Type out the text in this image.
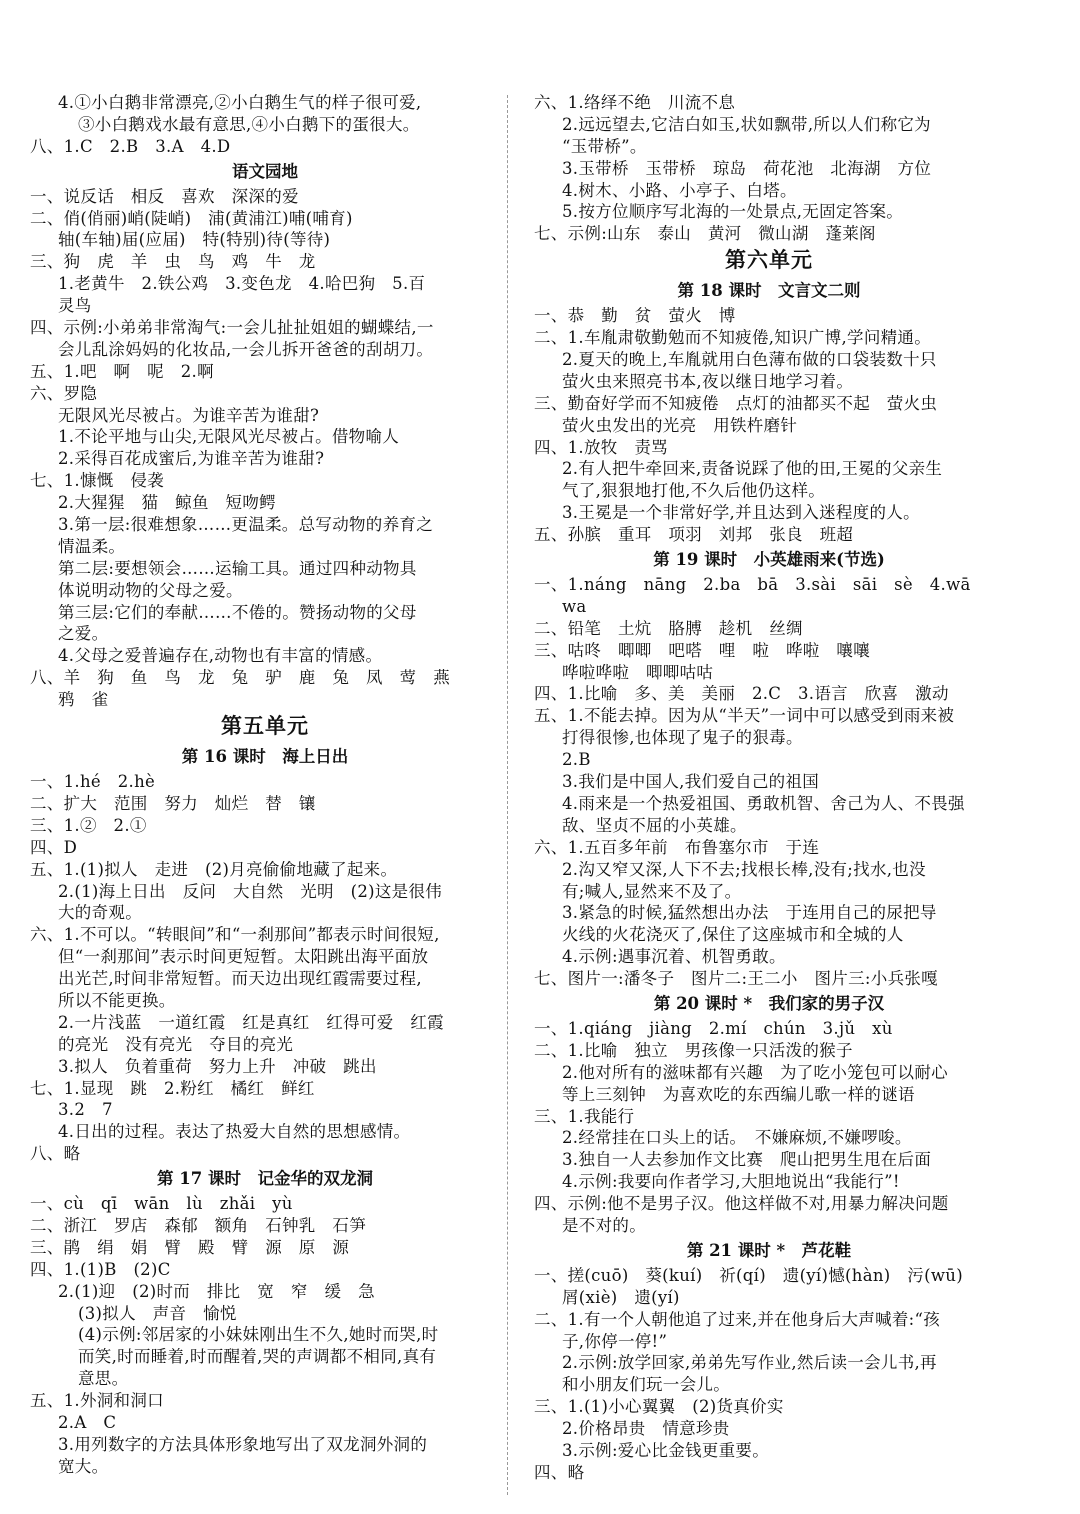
4.①小白鹅非常漂亮,②小白鹅生气的样子很可爱,
③小白鹅戏水最有意思,④小白鹅下的蛋很大。
八、1.C　2.B　3.A　4.D
语文园地
一、说反话　相反　喜欢　深深的爱
二、俏(俏丽)峭(陡峭)　浦(黄浦江)哺(哺育)
轴(车轴)届(应届)　特(特别)待(等待)
三、狗　虎　羊　虫　鸟　鸡　牛　龙
1.老黄牛　2.铁公鸡　3.变色龙　4.哈巴狗　5.百
灵鸟
四、示例:小弟弟非常淘气:一会儿扯扯姐姐的蝴蝶结,一
会儿乱涂妈妈的化妆品,一会儿拆开爸爸的刮胡刀。
五、1.吧　啊　呢　2.啊
六、罗隐
无限风光尽被占。为谁辛苦为谁甜?
1.不论平地与山尖,无限风光尽被占。借物喻人
2.采得百花成蜜后,为谁辛苦为谁甜?
七、1.慷慨　侵袭
2.大猩猩　猫　鲸鱼　短吻鳄
3.第一层:很难想象……更温柔。总写动物的养育之
情温柔。
第二层:要想领会……运输工具。通过四种动物具
体说明动物的父母之爱。
第三层:它们的奉献……不倦的。赞扬动物的父母
之爱。
4.父母之爱普遍存在,动物也有丰富的情感。
八、羊　狗　鱼　鸟　龙　兔　驴　鹿　兔　凤　莺　燕
鸦　雀
第五单元
第 16 课时　海上日出
一、1.hé　2.hè
二、扩大　范围　努力　灿烂　替　镶
三、1.②　2.①
四、D
五、1.(1)拟人　走进　(2)月亮偷偷地藏了起来。
2.(1)海上日出　反问　大自然　光明　(2)这是很伟
大的奇观。
六、1.不可以。“转眼间”和“一刹那间”都表示时间很短,
但“一刹那间”表示时间更短暂。太阳跳出海平面放
出光芒,时间非常短暂。而天边出现红霞需要过程,
所以不能更换。
2.一片浅蓝　一道红霞　红是真红　红得可爱　红霞
的亮光　没有亮光　夺目的亮光
3.拟人　负着重荷　努力上升　冲破　跳出
七、1.显现　跳　2.粉红　橘红　鲜红
3.2　7
4.日出的过程。表达了热爱大自然的思想感情。
八、略
第 17 课时　记金华的双龙洞
一、cù　qī　wān　lù　zhǎi　yù
二、浙江　罗店　森郁　额角　石钟乳　石笋
三、鹃　绢　娟　臂　殿　臂　源　原　源
四、1.(1)B　(2)C
2.(1)迎　(2)时而　排比　宽　窄　缓　急
(3)拟人　声音　愉悦
(4)示例:邻居家的小妹妹刚出生不久,她时而哭,时
而笑,时而睡着,时而醒着,哭的声调都不相同,真有
意思。
五、1.外洞和洞口
2.A　C
3.用列数字的方法具体形象地写出了双龙洞外洞的
宽大。
六、1.络绎不绝　川流不息
2.远远望去,它洁白如玉,状如飘带,所以人们称它为
“玉带桥”。
3.玉带桥　玉带桥　琼岛　荷花池　北海湖　方位
4.树木、小路、小亭子、白塔。
5.按方位顺序写北海的一处景点,无固定答案。
七、示例:山东　泰山　黄河　微山湖　蓬莱阁
第六单元
第 18 课时　文言文二则
一、恭　勤　贫　萤火　博
二、1.车胤肃敬勤勉而不知疲倦,知识广博,学问精通。
2.夏天的晚上,车胤就用白色薄布做的口袋装数十只
萤火虫来照亮书本,夜以继日地学习着。
三、勤奋好学而不知疲倦　点灯的油都买不起　萤火虫
萤火虫发出的光亮　用铁杵磨针
四、1.放牧　责骂
2.有人把牛牵回来,责备说踩了他的田,王冕的父亲生
气了,狠狠地打他,不久后他仍这样。
3.王冕是一个非常好学,并且达到入迷程度的人。
五、孙膑　重耳　项羽　刘邦　张良　班超
第 19 课时　小英雄雨来(节选)
一、1.náng　nāng　2.ba　bā　3.sài　sāi　sè　4.wā
wa
二、铅笔　土炕　胳膊　趁机　丝绸
三、咕咚　唧唧　吧嗒　哩　啦　哗啦　嚷嚷
哗啦哗啦　唧唧咕咕
四、1.比喻　多、美　美丽　2.C　3.语言　欣喜　激动
五、1.不能去掉。因为从“半天”一词中可以感受到雨来被
打得很惨,也体现了鬼子的狠毒。
2.B
3.我们是中国人,我们爱自己的祖国
4.雨来是一个热爱祖国、勇敢机智、舍己为人、不畏强
敌、坚贞不屈的小英雄。
六、1.五百多年前　布鲁塞尔市　于连
2.沟又窄又深,人下不去;找根长棒,没有;找水,也没
有;喊人,显然来不及了。
3.紧急的时候,猛然想出办法　于连用自己的尿把导
火线的火花浇灭了,保住了这座城市和全城的人
4.示例:遇事沉着、机智勇敢。
七、图片一:潘冬子　图片二:王二小　图片三:小兵张嘎
第 20 课时 *　我们家的男子汉
一、1.qiáng　jiàng　2.mí　chún　3.jǔ　xù
二、1.比喻　独立　男孩像一只活泼的猴子
2.他对所有的滋味都有兴趣　为了吃小笼包可以耐心
等上三刻钟　为喜欢吃的东西编儿歌一样的谜语
三、1.我能行
2.经常挂在口头上的话。　不嫌麻烦,不嫌啰唆。
3.独自一人去参加作文比赛　爬山把男生甩在后面
4.示例:我要向作者学习,大胆地说出“我能行”!
四、示例:他不是男子汉。他这样做不对,用暴力解决问题
是不对的。
第 21 课时 *　芦花鞋
一、搓(cuō)　葵(kuí)　祈(qí)　遗(yí)憾(hàn)　污(wū)
屑(xiè)　遗(yí)
二、1.有一个人朝他追了过来,并在他身后大声喊着:“孩
子,你停一停!”
2.示例:放学回家,弟弟先写作业,然后读一会儿书,再
和小朋友们玩一会儿。
三、1.(1)小心翼翼　(2)货真价实
2.价格昂贵　情意珍贵
3.示例:爱心比金钱更重要。
四、略
